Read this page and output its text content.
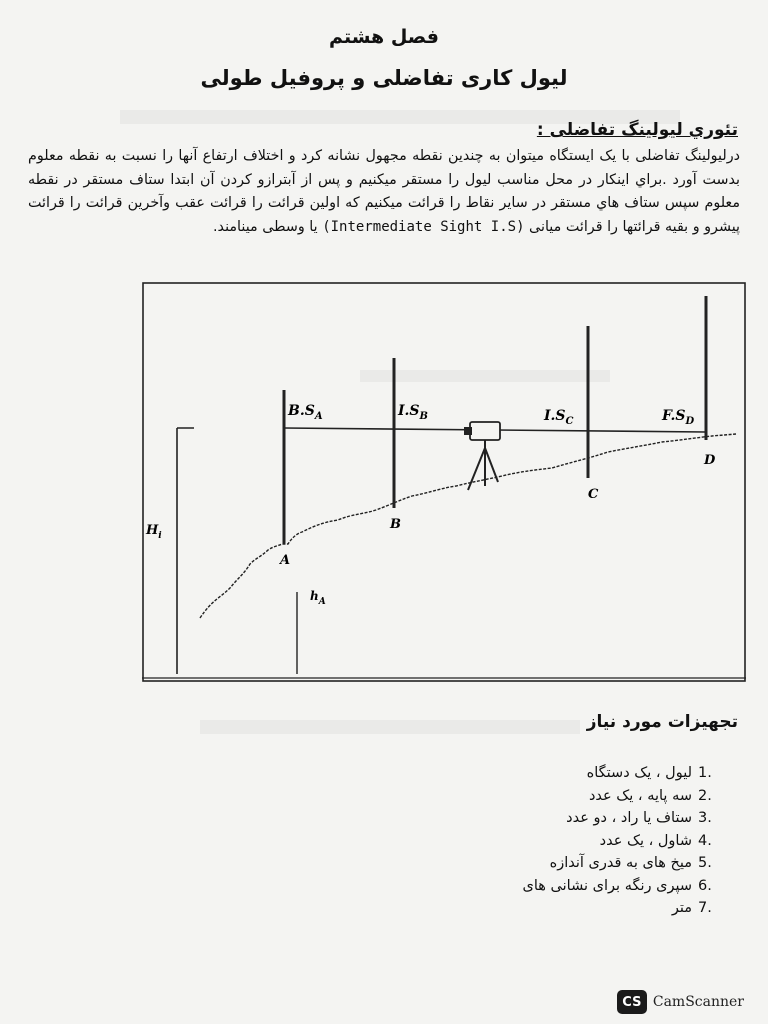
فصل هشتم
لیول کاری تفاضلی و پروفیل طولی
تئوري ليولينگ تفاضلی :
درليولينگ تفاضلی با یک ایستگاه میتوان به چندین نقطه مجهول نشانه کرد و اختلاف ارتفاع آنها را نسبت به نقطه معلوم بدست آورد .براي اینکار در محل مناسب لیول را مستقر میکنیم و پس از آبترازو کردن آن ابتدا ستاف مستقر در نقطه معلوم سپس ستاف هاي مستقر در سایر نقاط را قرائت میکنیم که اولین قرائت را قرائت عقب وآخرین قرائت را قرائت پیشرو و بقیه قرائتها را قرائت میانی (Intermediate Sight I.S) یا وسطی مینامند.
$B.S_A$	$I.S_B$	$I.S_C$	$F.S_D$
A
B
C
D
$H_i$
$h_A$
تجهیزات مورد نیاز
1.
لیول ، یک دستگاه
2.
سه پایه ، یک عدد
3.
ستاف یا راد ، دو عدد
4.
شاول ، یک عدد
5.
میخ های به قدری آندازه
6.
سپری رنگه برای نشانی های
7.
متر
CS CamScanner
